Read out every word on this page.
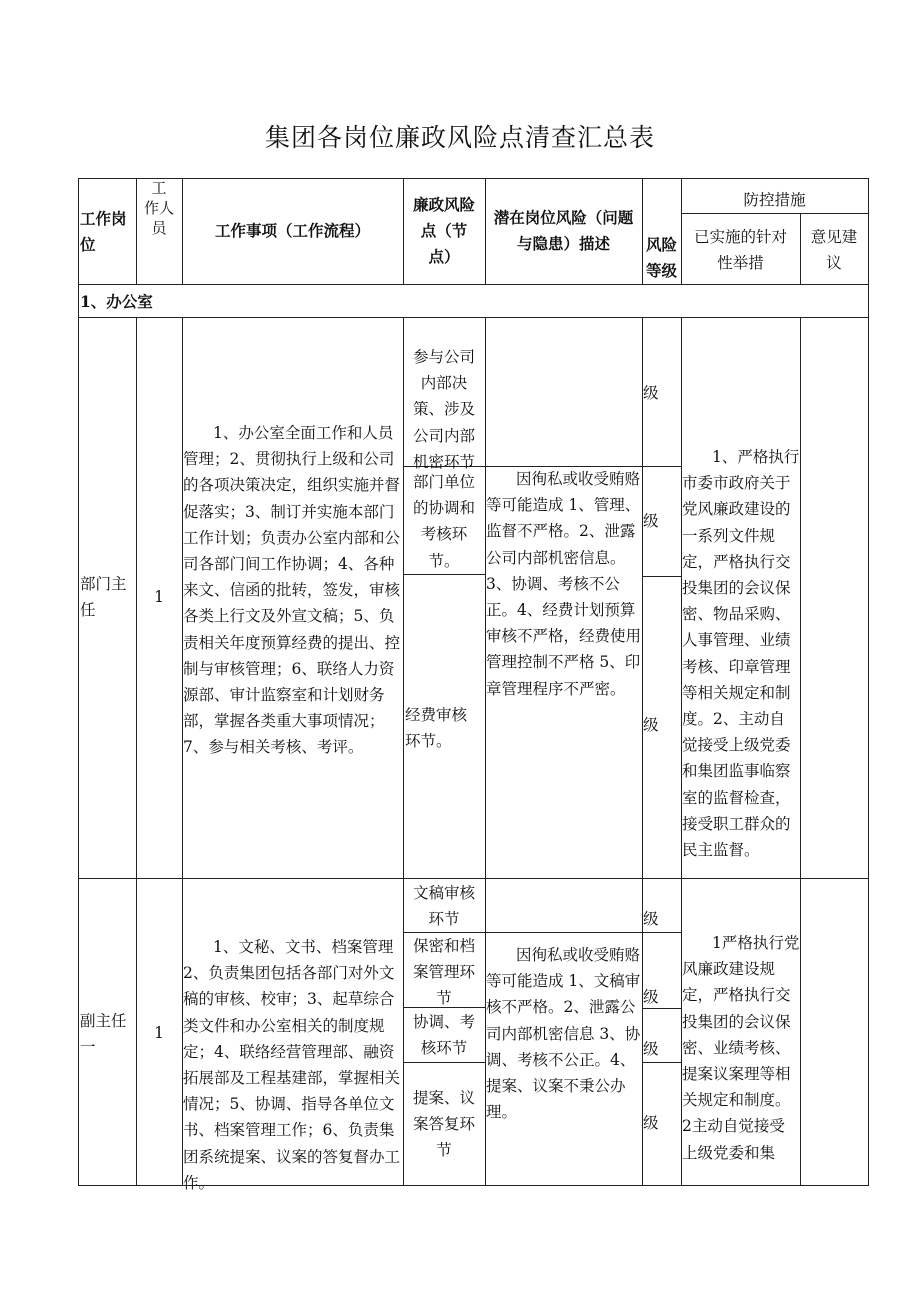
集团各岗位廉政风险点清查汇总表
工作岗位
工
作人
员	工作事项（工作流程）
廉政风险
点（节
点）
潜在岗位风险（问题
与隐患）描述	风险
等级
防控措施
已实施的针对
性举措
意见建
议
1、办公室
部门主
任
1
1、办公室全面工作和人员管理；2、贯彻执行上级和公司的各项决策决定，组织实施并督促落实；3、制订并实施本部门工作计划；负责办公室内部和公司各部门间工作协调；4、各种来文、信函的批转，签发，审核各类上行文及外宣文稿；5、负责相关年度预算经费的提出、控制与审核管理；6、联络人力资源部、审计监察室和计划财务部，掌握各类重大事项情况；7、参与相关考核、考评。
参与公司
内部决
策、涉及
公司内部
机密环节
部门单位
的协调和
考核环
节。
经费审核
环节。
因徇私或收受贿赂等可能造成 1、管理、监督不严格。2、泄露公司内部机密信息。3、协调、考核不公正。4、经费计划预算审核不严格，经费使用管理控制不严格 5、印章管理程序不严密。
级
级
级
1、严格执行市委市政府关于党风廉政建设的一系列文件规定，严格执行交投集团的会议保密、物品采购、人事管理、业绩考核、印章管理等相关规定和制度。2、主动自觉接受上级党委和集团监事临察室的监督检查，接受职工群众的民主监督。
副主任
一
1
1、文秘、文书、档案管理 2、负责集团包括各部门对外文稿的审核、校审；3、起草综合类文件和办公室相关的制度规定；4、联络经营管理部、融资拓展部及工程基建部，掌握相关情况；5、协调、指导各单位文书、档案管理工作；6、负责集团系统提案、议案的答复督办工作。
文稿审核
环节
保密和档
案管理环
节
协调、考
核环节
提案、议
案答复环
节
因徇私或收受贿赂等可能造成 1、文稿审核不严格。2、泄露公司内部机密信息 3、协调、考核不公正。4、提案、议案不秉公办理。
级
级
级
级
1严格执行党风廉政建设规定，严格执行交投集团的会议保密、业绩考核、提案议案理等相关规定和制度。2主动自觉接受上级党委和集
